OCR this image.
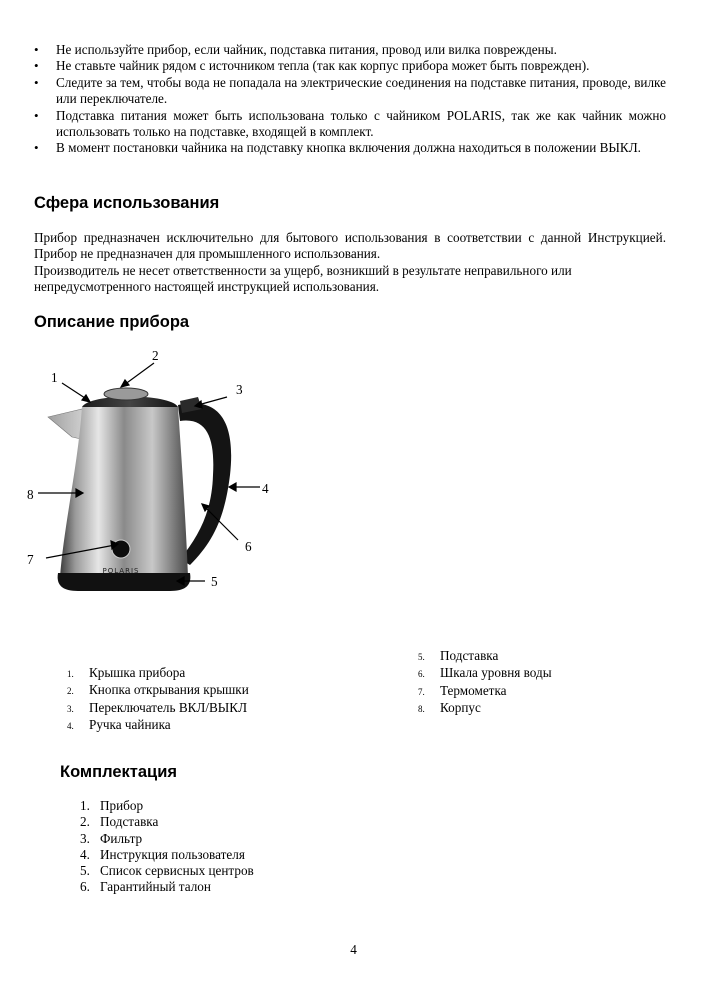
• Не используйте прибор, если чайник, подставка питания, провод или вилка повреждены.
• Не ставьте чайник рядом с источником тепла (так как корпус прибора может быть поврежден).
• Следите за тем, чтобы вода не попадала на электрические соединения на подставке питания, проводе, вилке или переключателе.
• Подставка питания может быть использована только с чайником POLARIS, так же как чайник можно использовать только на подставке, входящей в комплект.
• В момент постановки чайника на подставку кнопка включения должна находиться в положении ВЫКЛ.
Сфера использования

Прибор предназначен исключительно для бытового использования в соответствии с данной Инструкцией. Прибор не предназначен для промышленного использования.

Производитель не несет ответственности за ущерб, возникший в результате неправильного или

непредусмотренного настоящей инструкцией использования.

Описание прибора
POLARIS
1
2
3
4
5
6
7
8
1. Крышка прибора
2. Кнопка открывания крышки
3. Переключатель ВКЛ/ВЫКЛ
4. Ручка чайника
5. Подставка
6. Шкала уровня воды
7. Термометка
8. Корпус
Комплектация
1. Прибор
2. Подставка
3. Фильтр
4. Инструкция пользователя
5. Список сервисных центров
6. Гарантийный талон
4
